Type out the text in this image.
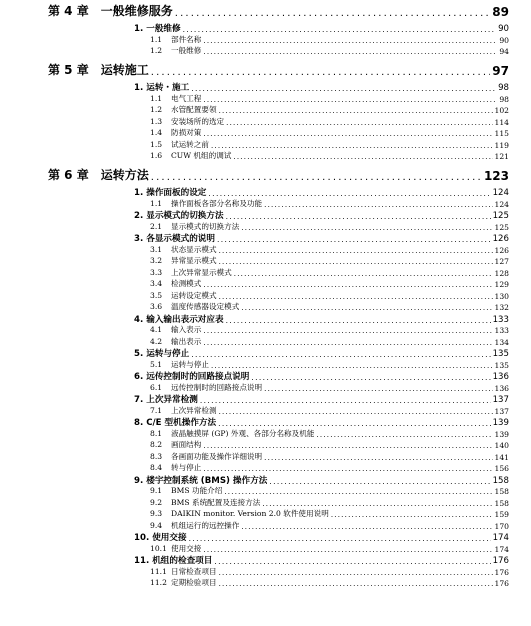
第 4 章　一般维修服务 . . .	89
1. 一般维修 . . .	90
1.1 部件名称 . . .	90
1.2 一般维修 . . .	94
第 5 章　运转施工 . . .	97
1. 运转・施工 . . .	98
1.1 电气工程 . . .	98
1.2 水管配置要领 . . .	102
1.3 安装场所的选定 . . .	114
1.4 防损对策 . . .	115
1.5 试运转之前 . . .	119
1.6 CUW 机组的调试 . . .	121
第 6 章　运转方法 . . .	123
1. 操作面板的设定 . . .	124
1.1 操作面板各部分名称及功能 . . .	124
2. 显示模式的切换方法 . . .	125
2.1 显示模式的切换方法 . . .	125
3. 各显示模式的说明 . . .	126
3.1 状态显示模式 . . .	126
3.2 异常显示模式 . . .	127
3.3 上次异常显示模式 . . .	128
3.4 检测模式 . . .	129
3.5 运转设定模式 . . .	130
3.6 温度传感器设定模式 . . .	132
4. 输入输出表示对应表 . . .	133
4.1 输入表示 . . .	133
4.2 输出表示 . . .	134
5. 运转与停止 . . .	135
5.1 运转与停止 . . .	135
6. 远传控制时的回路接点说明 . . .	136
6.1 远传控制时的回路接点说明 . . .	136
7. 上次异常检测 . . .	137
7.1 上次异常检测 . . .	137
8. C/E 型机操作方法 . . .	139
8.1 液晶触摸屏 (GP) 外观、各部分名称及机能 . . .	139
8.2 画面结构 . . .	140
8.3 各画面功能及操作详细说明 . . .	141
8.4 转与停止 . . .	156
9. 楼宇控制系统 (BMS) 操作方法 . . .	158
9.1 BMS 功能介绍 . . .	158
9.2 BMS 系统配置及连接方法 . . .	158
9.3 DAIKIN monitor. Version 2.0 软件使用说明 . . .	159
9.4 机组运行的远控操作 . . .	170
10. 使用交接 . . .	174
10.1 使用交接 . . .	174
11. 机组的检查项目 . . .	176
11.1 日常检查项目 . . .	176
11.2 定期检验项目 . . .	176
